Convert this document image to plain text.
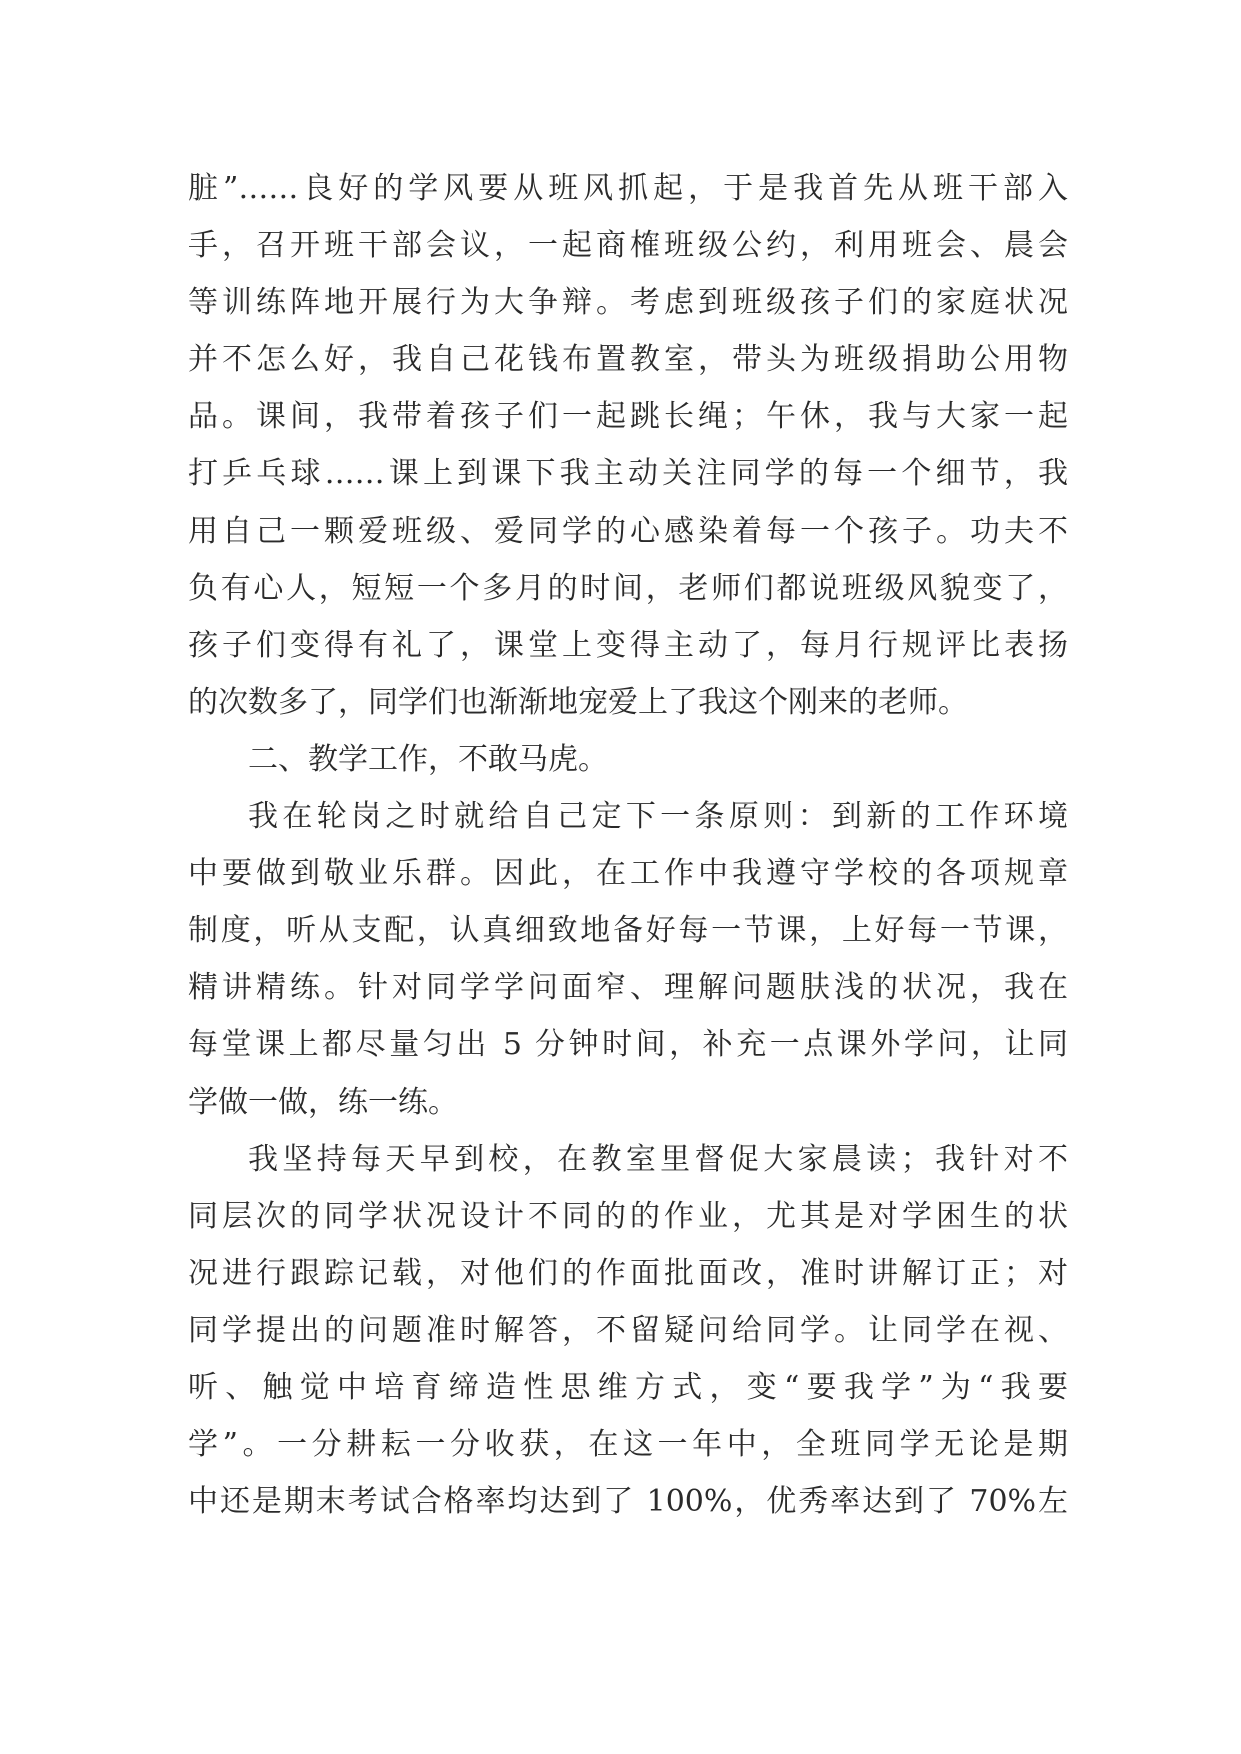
脏”……良好的学风要从班风抓起，于是我首先从班干部入
手，召开班干部会议，一起商榷班级公约，利用班会、晨会
等训练阵地开展行为大争辩。考虑到班级孩子们的家庭状况
并不怎么好，我自己花钱布置教室，带头为班级捐助公用物
品。课间，我带着孩子们一起跳长绳；午休，我与大家一起
打乒乓球……课上到课下我主动关注同学的每一个细节，我
用自己一颗爱班级、爱同学的心感染着每一个孩子。功夫不
负有心人，短短一个多月的时间，老师们都说班级风貌变了，
孩子们变得有礼了，课堂上变得主动了，每月行规评比表扬
的次数多了，同学们也渐渐地宠爱上了我这个刚来的老师。
二、教学工作，不敢马虎。
我在轮岗之时就给自己定下一条原则：到新的工作环境
中要做到敬业乐群。因此，在工作中我遵守学校的各项规章
制度，听从支配，认真细致地备好每一节课，上好每一节课，
精讲精练。针对同学学问面窄、理解问题肤浅的状况，我在
每堂课上都尽量匀出 5 分钟时间，补充一点课外学问，让同
学做一做，练一练。
我坚持每天早到校，在教室里督促大家晨读；我针对不
同层次的同学状况设计不同的的作业，尤其是对学困生的状
况进行跟踪记载，对他们的作面批面改，准时讲解订正；对
同学提出的问题准时解答，不留疑问给同学。让同学在视、
听、触觉中培育缔造性思维方式，变“要我学”为“我要
学”。一分耕耘一分收获，在这一年中，全班同学无论是期
中还是期末考试合格率均达到了 100%，优秀率达到了 70%左
